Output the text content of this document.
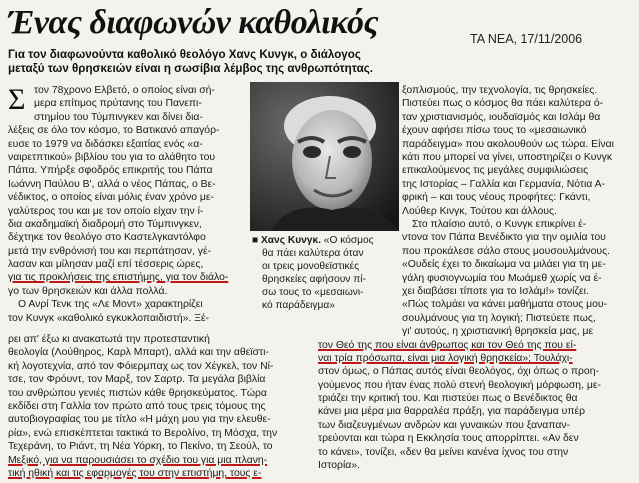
Ένας διαφωνών καθολικός	ΤΑ ΝΕΑ, 17/11/2006
Για τον διαφωνούντα καθολικό θεολόγο Χανς Κυνγκ, ο διάλογος
μεταξύ των θρησκειών είναι η σωσίβια λέμβος της ανθρωπότητας.
Σ τον 78χρονο Ελβετό, ο οποίος είναι σή-
μερα επίτιμος πρύτανης του Πανεπι-
στημίου του Τύμπινγκεν και δίνει δια-
λέξεις σε όλο τον κόσμο, το Βατικανό απαγόρ-
ευσε το 1979 να διδάσκει εξαιτίας ενός «α-
ναιρετπτικού» βιβλίου του για το αλάθητο του
Πάπα. Υπήρξε σφοδρός επικριτής του Πάπα
Ιωάννη Παύλου Β', αλλά ο νέος Πάπας, ο Βε-
νέδικτος, ο οποίος είναι μόλις έναν χρόνο με-
γαλύτερος του και με τον οποίο είχαν την ί-
δια ακαδημαϊκή διαδρομή στο Τύμπινγκεν,
δέχτηκε τον θεολόγο στο Καστελγκαντόλφο
μετά την ενθρόνισή του και περπάτησαν, γέ-
λασαν και μίλησαν μαζί επί τέσσερις ώρες,
για τις προκλήσεις της επιστήμης, για τον διάλο-
γο των θρησκειών και άλλα πολλά.
Ο Ανρί Τενκ της «Λε Μοντ» χαρακτηρίζει
τον Κυνγκ «καθολικό εγκυκλοπαιδιστή». Ξέ-
■ Χανς Κυνγκ. «Ο κόσμος
θα πάει καλύτερα όταν
οι τρεις μονοθεϊστικές
θρησκείες αφήσουν πί-
σω τους το «μεσαιωνι-
κό παράδειγμα»
ξοπλισμούς, την τεχνολογία, τις θρησκείες.
Πιστεύει πως ο κόσμος θα πάει καλύτερα ό-
ταν χριστιανισμός, ιουδαϊσμός και Ισλάμ θα
έχουν αφήσει πίσω τους το «μεσαιωνικό
παράδειγμα» που ακολουθούν ως τώρα. Είναι
κάτι που μπορεί να γίνει, υποστηρίζει ο Κυνγκ
επικαλούμενος τις μεγάλες συμφιλιώσεις
της Ιστορίας – Γαλλία και Γερμανία, Νότια Α-
φρική – και τους νέους προφήτες: Γκάντι,
Λούθερ Κινγκ, Τούτου και άλλους.
Στο πλαίσιο αυτό, ο Κυνγκ επικρίνει έ-
ντονα τον Πάπα Βενέδικτο για την ομιλία του
που προκάλεσε σάλο στους μουσουλμάνους.
«Ουδείς έχει το δικαίωμα να μιλάει για τη με-
γάλη φυσιογνωμία του Μωάμεθ χωρίς να έ-
χει διαβάσει τίποτε για το Ισλάμ!» τονίζει.
«Πώς τολμάει να κάνει μαθήματα στους μου-
σουλμάνους για τη λογική; Πιστεύετε πως,
γι' αυτούς, η χριστιανική θρησκεία μας, με
τον Θεό της που είναι άνθρωπος και τον Θεό της που εί-
ναι τρία πρόσωπα, είναι μια λογική θρησκεία»; Τουλάχι-
στον όμως, ο Πάπας αυτός είναι θεολόγος, όχι όπως ο προη-
γούμενος που ήταν ένας πολύ στενή θεολογική μόρφωση, με-
τριάζει την κριτική του. Και πιστεύει πως ο Βενέδικτος θα
κάνει μια μέρα μια θαρραλέα πράξη, για παράδειγμα υπέρ
των διαζευγμένων ανδρών και γυναικών που ξαναπαν-
τρεύονται και τώρα η Εκκλησία τους απορρίπτει. «Αν δεν
το κάνει», τονίζει, «δεν θα μείνει κανένα ίχνος του στην
Ιστορία».
ρει απ' έξω κι ανακατωτά την προτεσταντική
θεολογία (Λούθηρος, Καρλ Μπαρτ), αλλά και την αθεϊστι-
κή λογοτεχνία, από τον Φόιερμπαχ ως τον Χέγκελ, τον Νί-
τσε, τον Φρόυντ, τον Μαρξ, τον Σαρτρ. Τα μεγάλα βιβλία
του ανθρώπου γενιές πιστών κάθε θρησκεύματος. Τώρα
εκδίδει στη Γαλλία τον πρώτο από τους τρεις τόμους της
αυτοβιογραφίας του με τίτλο «Η μάχη μου για την ελευθε-
ρία», ενώ επισκέπτεται τακτικά το Βερολίνο, τη Μόσχα, την
Τεχεράνη, το Ριάντ, τη Νέα Υόρκη, το Πεκίνο, τη Σεούλ, το
Μεξικό, για να παρουσιάσει το σχέδιο του για μια πλανη-
τική ηθική και τις εφαρμογές του στην επιστήμη, τους ε-
